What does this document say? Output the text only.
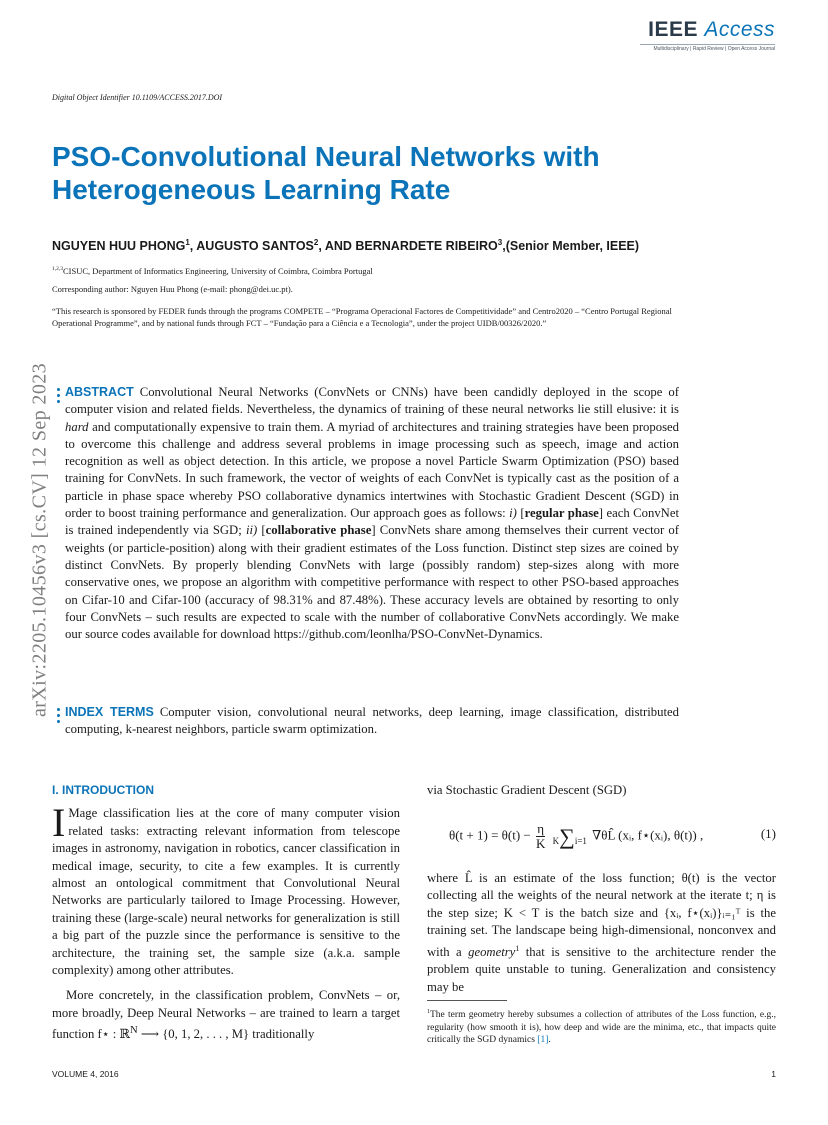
IEEE Access
Multidisciplinary | Rapid Review | Open Access Journal
Digital Object Identifier 10.1109/ACCESS.2017.DOI
PSO-Convolutional Neural Networks with Heterogeneous Learning Rate
NGUYEN HUU PHONG$^1$, AUGUSTO SANTOS$^2$, AND BERNARDETE RIBEIRO$^3$,(Senior Member, IEEE)
$^{1,2,3}$CISUC, Department of Informatics Engineering, University of Coimbra, Coimbra Portugal
Corresponding author: Nguyen Huu Phong (e-mail: phong@dei.uc.pt).
“This research is sponsored by FEDER funds through the programs COMPETE – “Programa Operacional Factores de Competitividade” and Centro2020 – “Centro Portugal Regional Operational Programme”, and by national funds through FCT – “Fundação para a Ciência e a Tecnologia”, under the project UIDB/00326/2020.”
arXiv:2205.10456v3 [cs.CV] 12 Sep 2023 ABSTRACT Convolutional Neural Networks (ConvNets or CNNs) have been candidly deployed in the scope of computer vision and related fields. Nevertheless, the dynamics of training of these neural networks lie still elusive: it is hard and computationally expensive to train them. A myriad of architectures and training strategies have been proposed to overcome this challenge and address several problems in image processing such as speech, image and action recognition as well as object detection. In this article, we propose a novel Particle Swarm Optimization (PSO) based training for ConvNets. In such framework, the vector of weights of each ConvNet is typically cast as the position of a particle in phase space whereby PSO collaborative dynamics intertwines with Stochastic Gradient Descent (SGD) in order to boost training performance and generalization. Our approach goes as follows: i) [regular phase] each ConvNet is trained independently via SGD; ii) [collaborative phase] ConvNets share among themselves their current vector of weights (or particle-position) along with their gradient estimates of the Loss function. Distinct step sizes are coined by distinct ConvNets. By properly blending ConvNets with large (possibly random) step-sizes along with more conservative ones, we propose an algorithm with competitive performance with respect to other PSO-based approaches on Cifar-10 and Cifar-100 (accuracy of 98.31% and 87.48%). These accuracy levels are obtained by resorting to only four ConvNets – such results are expected to scale with the number of collaborative ConvNets accordingly. We make our source codes available for download https://github.com/leonlha/PSO-ConvNet-Dynamics.
INDEX TERMS Computer vision, convolutional neural networks, deep learning, image classification, distributed computing, k-nearest neighbors, particle swarm optimization.
I. INTRODUCTION

I Mage classification lies at the core of many computer vision related tasks: extracting relevant information from telescope images in astronomy, navigation in robotics, cancer classification in medical image, security, to cite a few examples. It is currently almost an ontological commitment that Convolutional Neural Networks are particularly tailored to Image Processing. However, training these (large-scale) neural networks for generalization is still a big part of the puzzle since the performance is sensitive to the architecture, the training set, the sample size (a.k.a. sample complexity) among other attributes.

More concretely, in the classification problem, ConvNets – or, more broadly, Deep Neural Networks – are trained to learn a target function f⋆ : ℝ$^N$ ⟶ {0, 1, 2, . . . , M} traditionally

via Stochastic Gradient Descent (SGD)
$\theta(t + 1) = \theta(t) - \frac{\eta}{K} K\sum i=1$ ∇θL̂ (xᵢ, f⋆(xᵢ), θ(t)) ,	(1)
where L̂ is an estimate of the loss function; θ(t) is the vector collecting all the weights of the neural network at the iterate t; η is the step size; K < T is the batch size and {xᵢ, f⋆(xᵢ)}ᵢ₌₁ᵀ is the training set. The landscape being high-dimensional, nonconvex and with a geometry$^1$ that is sensitive to the architecture render the problem quite unstable to tuning. Generalization and consistency may be
$^1$The term geometry hereby subsumes a collection of attributes of the Loss function, e.g., regularity (how smooth it is), how deep and wide are the minima, etc., that impacts quite critically the SGD dynamics [1].
VOLUME 4, 2016	1
